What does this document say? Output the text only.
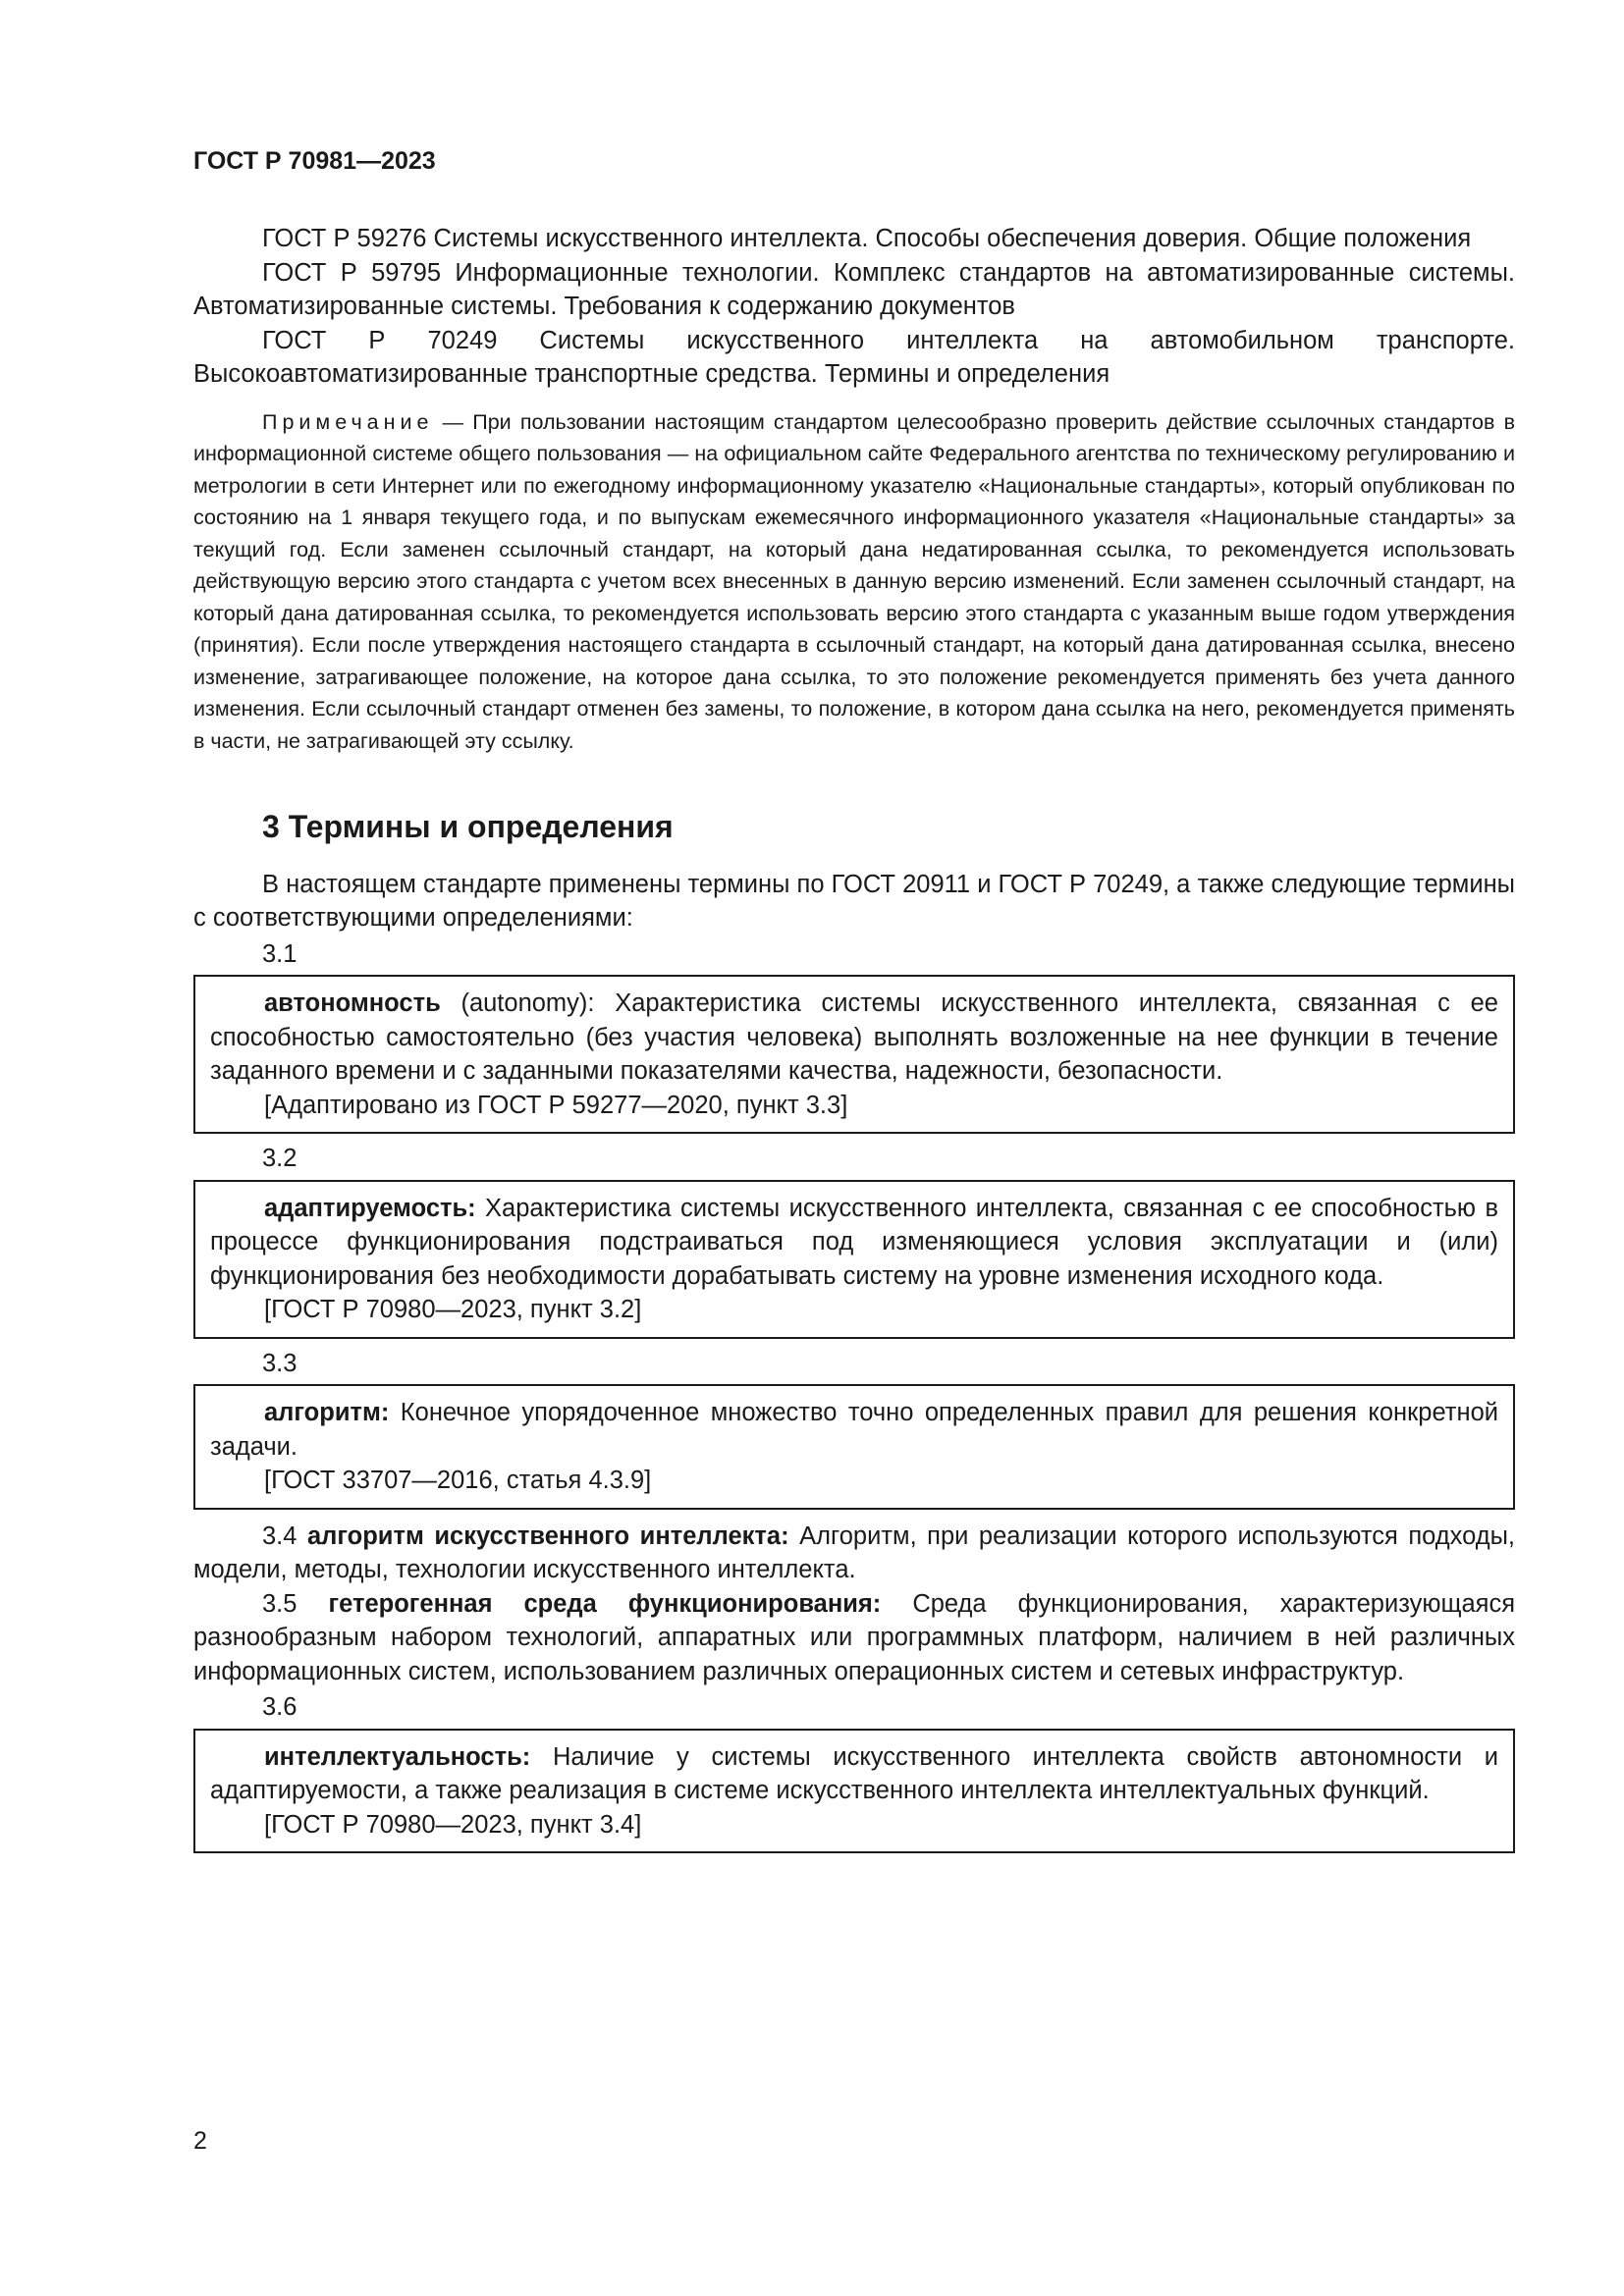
ГОСТ Р 70981—2023

ГОСТ Р 59276 Системы искусственного интеллекта. Способы обеспечения доверия. Общие положения

ГОСТ Р 59795 Информационные технологии. Комплекс стандартов на автоматизированные системы. Автоматизированные системы. Требования к содержанию документов

ГОСТ Р 70249 Системы искусственного интеллекта на автомобильном транспорте. Высокоавтоматизированные транспортные средства. Термины и определения

Примечание — При пользовании настоящим стандартом целесообразно проверить действие ссылочных стандартов в информационной системе общего пользования — на официальном сайте Федерального агентства по техническому регулированию и метрологии в сети Интернет или по ежегодному информационному указателю «Национальные стандарты», который опубликован по состоянию на 1 января текущего года, и по выпускам ежемесячного информационного указателя «Национальные стандарты» за текущий год. Если заменен ссылочный стандарт, на который дана недатированная ссылка, то рекомендуется использовать действующую версию этого стандарта с учетом всех внесенных в данную версию изменений. Если заменен ссылочный стандарт, на который дана датированная ссылка, то рекомендуется использовать версию этого стандарта с указанным выше годом утверждения (принятия). Если после утверждения настоящего стандарта в ссылочный стандарт, на который дана датированная ссылка, внесено изменение, затрагивающее положение, на которое дана ссылка, то это положение рекомендуется применять без учета данного изменения. Если ссылочный стандарт отменен без замены, то положение, в котором дана ссылка на него, рекомендуется применять в части, не затрагивающей эту ссылку.

3 Термины и определения

В настоящем стандарте применены термины по ГОСТ 20911 и ГОСТ Р 70249, а также следующие термины с соответствующими определениями:

3.1

автономность (autonomy): Характеристика системы искусственного интеллекта, связанная с ее способностью самостоятельно (без участия человека) выполнять возложенные на нее функции в течение заданного времени и с заданными показателями качества, надежности, безопасности.

[Адаптировано из ГОСТ Р 59277—2020, пункт 3.3]
3.2

адаптируемость: Характеристика системы искусственного интеллекта, связанная с ее способностью в процессе функционирования подстраиваться под изменяющиеся условия эксплуатации и (или) функционирования без необходимости дорабатывать систему на уровне изменения исходного кода.

[ГОСТ Р 70980—2023, пункт 3.2]
3.3

алгоритм: Конечное упорядоченное множество точно определенных правил для решения конкретной задачи.

[ГОСТ 33707—2016, статья 4.3.9]

3.4 алгоритм искусственного интеллекта: Алгоритм, при реализации которого используются подходы, модели, методы, технологии искусственного интеллекта.

3.5 гетерогенная среда функционирования: Среда функционирования, характеризующаяся разнообразным набором технологий, аппаратных или программных платформ, наличием в ней различных информационных систем, использованием различных операционных систем и сетевых инфраструктур.

3.6

интеллектуальность: Наличие у системы искусственного интеллекта свойств автономности и адаптируемости, а также реализация в системе искусственного интеллекта интеллектуальных функций.

[ГОСТ Р 70980—2023, пункт 3.4]
2
